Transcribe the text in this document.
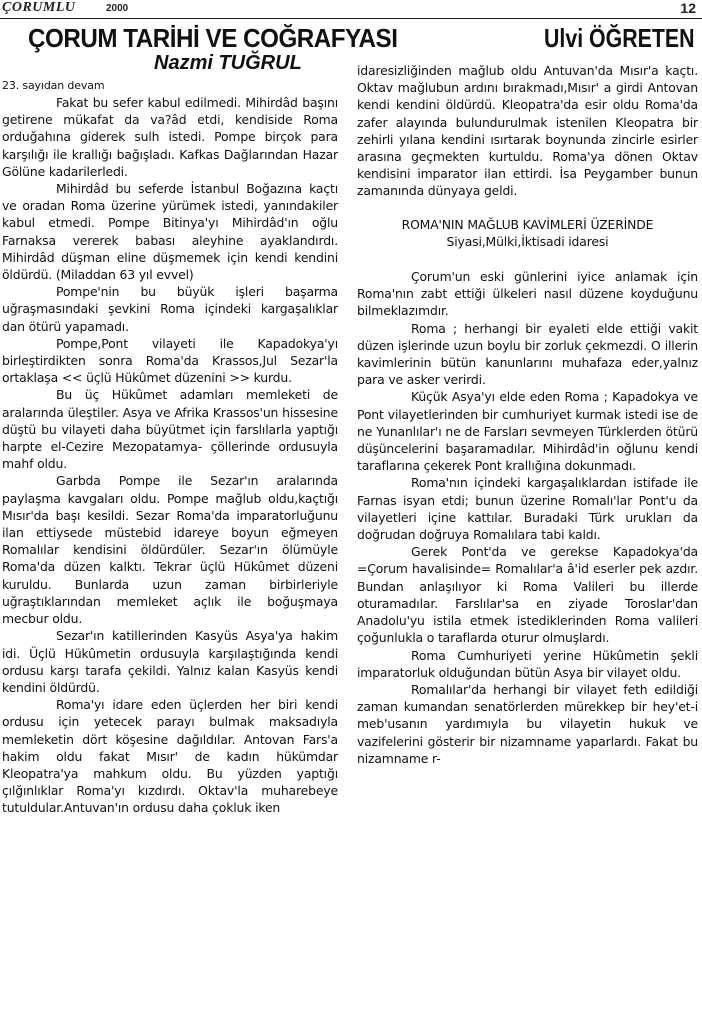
ÇORUMLU	2000	12
ÇORUM TARİHİ VE COĞRAFYASI	Ulvi ÖĞRETEN
Nazmi TUĞRUL

23. sayıdan devam

Fakat bu sefer kabul edilmedi. Mihirdâd başını getirene mükafat da va?âd etdi, kendiside Roma orduğahına giderek sulh istedi. Pompe birçok para karşılığı ile krallığı bağışladı. Kafkas Dağlarından Hazar Gölüne kadarilerledi.

Mihirdâd bu seferde İstanbul Boğazına kaçtı ve oradan Roma üzerine yürümek istedi, yanındakiler kabul etmedi. Pompe Bitinya'yı Mihirdâd'ın oğlu Farnaksa vererek babası aleyhine ayaklandırdı. Mihirdâd düşman eline düşmemek için kendi kendini öldürdü. (Miladdan 63 yıl evvel)

Pompe'nin bu büyük işleri başarma uğraşmasındaki şevkini Roma içindeki kargaşalıklar dan ötürü yapamadı.

Pompe,Pont vilayeti ile Kapadokya'yı birleştirdikten sonra Roma'da Krassos,Jul Sezar'la ortaklaşa << üçlü Hükûmet düzenini >> kurdu.

Bu üç Hükûmet adamları memleketi de aralarında üleştiler. Asya ve Afrika Krassos'un hissesine düştü bu vilayeti daha büyütmet için farslılarla yaptığı harpte el-Cezire Mezopatamya- çöllerinde ordusuyla mahf oldu.

Garbda Pompe ile Sezar'ın aralarında paylaşma kavgaları oldu. Pompe mağlub oldu,kaçtığı Mısır'da başı kesildi. Sezar Roma'da imparatorluğunu ilan ettiysede müstebid idareye boyun eğmeyen Romalılar kendisini öldürdüler. Sezar'ın ölümüyle Roma'da düzen kalktı. Tekrar üçlü Hükûmet düzeni kuruldu. Bunlarda uzun zaman birbirleriyle uğraştıklarından memleket açlık ile boğuşmaya mecbur oldu.

Sezar'ın katillerinden Kasyüs Asya'ya hakim idi. Üçlü Hükûmetin ordusuyla karşılaştığında kendi ordusu karşı tarafa çekildi. Yalnız kalan Kasyüs kendi kendini öldürdü.

Roma'yı idare eden üçlerden her biri kendi ordusu için yetecek parayı bulmak maksadıyla memleketin dört köşesine dağıldılar. Antovan Fars'a hakim oldu fakat Mısır' de kadın hükümdar Kleopatra'ya mahkum oldu. Bu yüzden yaptığı çılğınlıklar Roma'yı kızdırdı. Oktav'la muharebeye tutuldular.Antuvan'ın ordusu daha çokluk iken

idaresizliğinden mağlub oldu Antuvan'da Mısır'a kaçtı. Oktav mağlubun ardını bırakmadı,Mısır' a girdi Antovan kendi kendini öldürdü. Kleopatra'da esir oldu Roma'da zafer alayında bulundurulmak istenilen Kleopatra bir zehirli yılana kendini ısırtarak boynunda zincirle esirler arasına geçmekten kurtuldu. Roma'ya dönen Oktav kendisini imparator ilan ettirdi. İsa Peygamber bunun zamanında dünyaya geldi.

ROMA'NIN MAĞLUB KAVİMLERİ ÜZERİNDE

Siyasi,Mülki,İktisadi idaresi

Çorum'un eski günlerini iyice anlamak için Roma'nın zabt ettiği ülkeleri nasıl düzene koyduğunu bilmeklazımdır.

Roma ; herhangi bir eyaleti elde ettiği vakit düzen işlerinde uzun boylu bir zorluk çekmezdi. O illerin kavimlerinin bütün kanunlarını muhafaza eder,yalnız para ve asker verirdi.

Küçük Asya'yı elde eden Roma ; Kapadokya ve Pont vilayetlerinden bir cumhuriyet kurmak istedi ise de ne Yunanlılar'ı ne de Farsları sevmeyen Türklerden ötürü düşüncelerini başaramadılar. Mihirdâd'in oğlunu kendi taraflarına çekerek Pont krallığına dokunmadı.

Roma'nın içindeki kargaşalıklardan istifade ile Farnas isyan etdi; bunun üzerine Romalı'lar Pont'u da vilayetleri içine kattılar. Buradaki Türk urukları da doğrudan doğruya Romalılara tabi kaldı.

Gerek Pont'da ve gerekse Kapadokya'da =Çorum havalisinde= Romalılar'a â'id eserler pek azdır. Bundan anlaşılıyor ki Roma Valileri bu illerde oturamadılar. Farslılar'sa en ziyade Toroslar'dan Anadolu'yu istila etmek istediklerinden Roma valileri çoğunlukla o taraflarda oturur olmuşlardı.

Roma Cumhuriyeti yerine Hükûmetin şekli imparatorluk olduğundan bütün Asya bir vilayet oldu.

Romalılar'da herhangi bir vilayet feth edildiği zaman kumandan senatörlerden mürekkep bir hey'et-i meb'usanın yardımıyla bu vilayetin hukuk ve vazifelerini gösterir bir nizamname yaparlardı. Fakat bu nizamname r-
